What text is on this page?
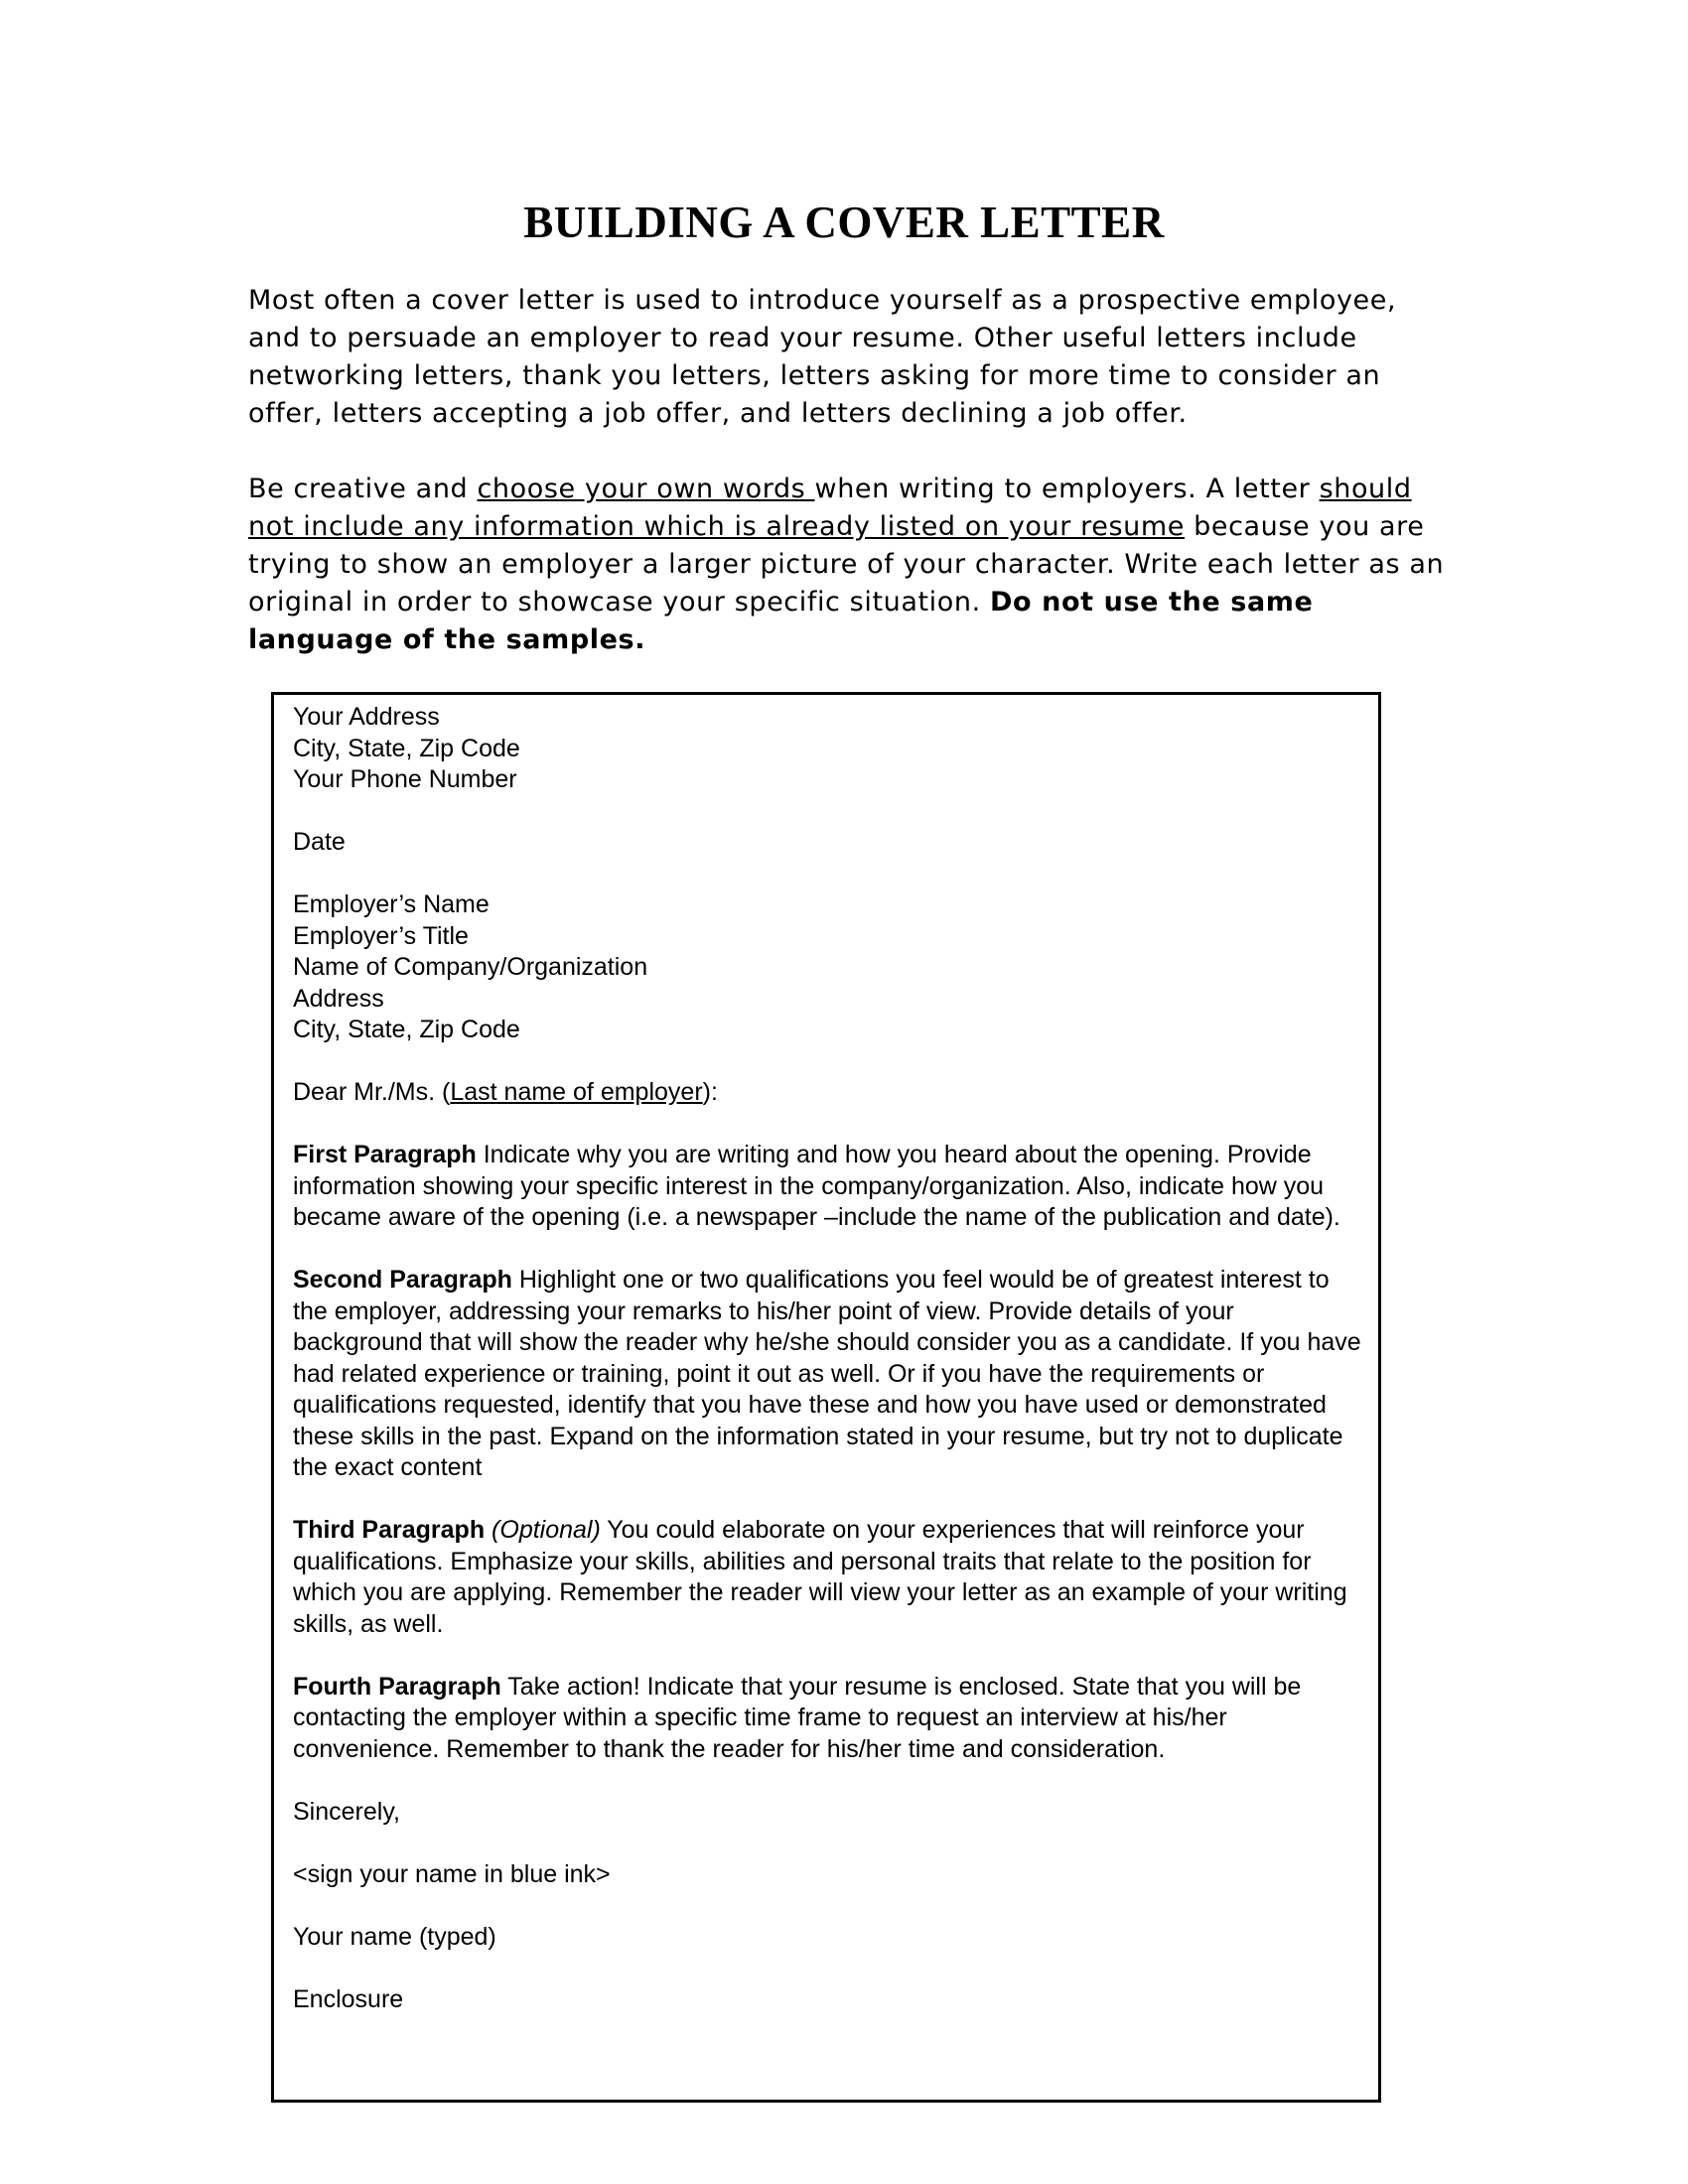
BUILDING A COVER LETTER

Most often a cover letter is used to introduce yourself as a prospective employee, and to persuade an employer to read your resume. Other useful letters include networking letters, thank you letters, letters asking for more time to consider an offer, letters accepting a job offer, and letters declining a job offer.

Be creative and choose your own words when writing to employers. A letter should not include any information which is already listed on your resume because you are trying to show an employer a larger picture of your character. Write each letter as an original in order to showcase your specific situation. Do not use the same language of the samples.

Your Address
City, State, Zip Code
Your Phone Number

Date

Employer’s Name
Employer’s Title
Name of Company/Organization
Address
City, State, Zip Code

Dear Mr./Ms. (Last name of employer):

First Paragraph Indicate why you are writing and how you heard about the opening. Provide information showing your specific interest in the company/organization. Also, indicate how you became aware of the opening (i.e. a newspaper –include the name of the publication and date).

Second Paragraph Highlight one or two qualifications you feel would be of greatest interest to the employer, addressing your remarks to his/her point of view. Provide details of your background that will show the reader why he/she should consider you as a candidate. If you have had related experience or training, point it out as well. Or if you have the requirements or qualifications requested, identify that you have these and how you have used or demonstrated these skills in the past. Expand on the information stated in your resume, but try not to duplicate the exact content

Third Paragraph (Optional) You could elaborate on your experiences that will reinforce your qualifications. Emphasize your skills, abilities and personal traits that relate to the position for which you are applying. Remember the reader will view your letter as an example of your writing skills, as well.

Fourth Paragraph Take action! Indicate that your resume is enclosed. State that you will be contacting the employer within a specific time frame to request an interview at his/her convenience. Remember to thank the reader for his/her time and consideration.

Sincerely,

<sign your name in blue ink>

Your name (typed)

Enclosure
